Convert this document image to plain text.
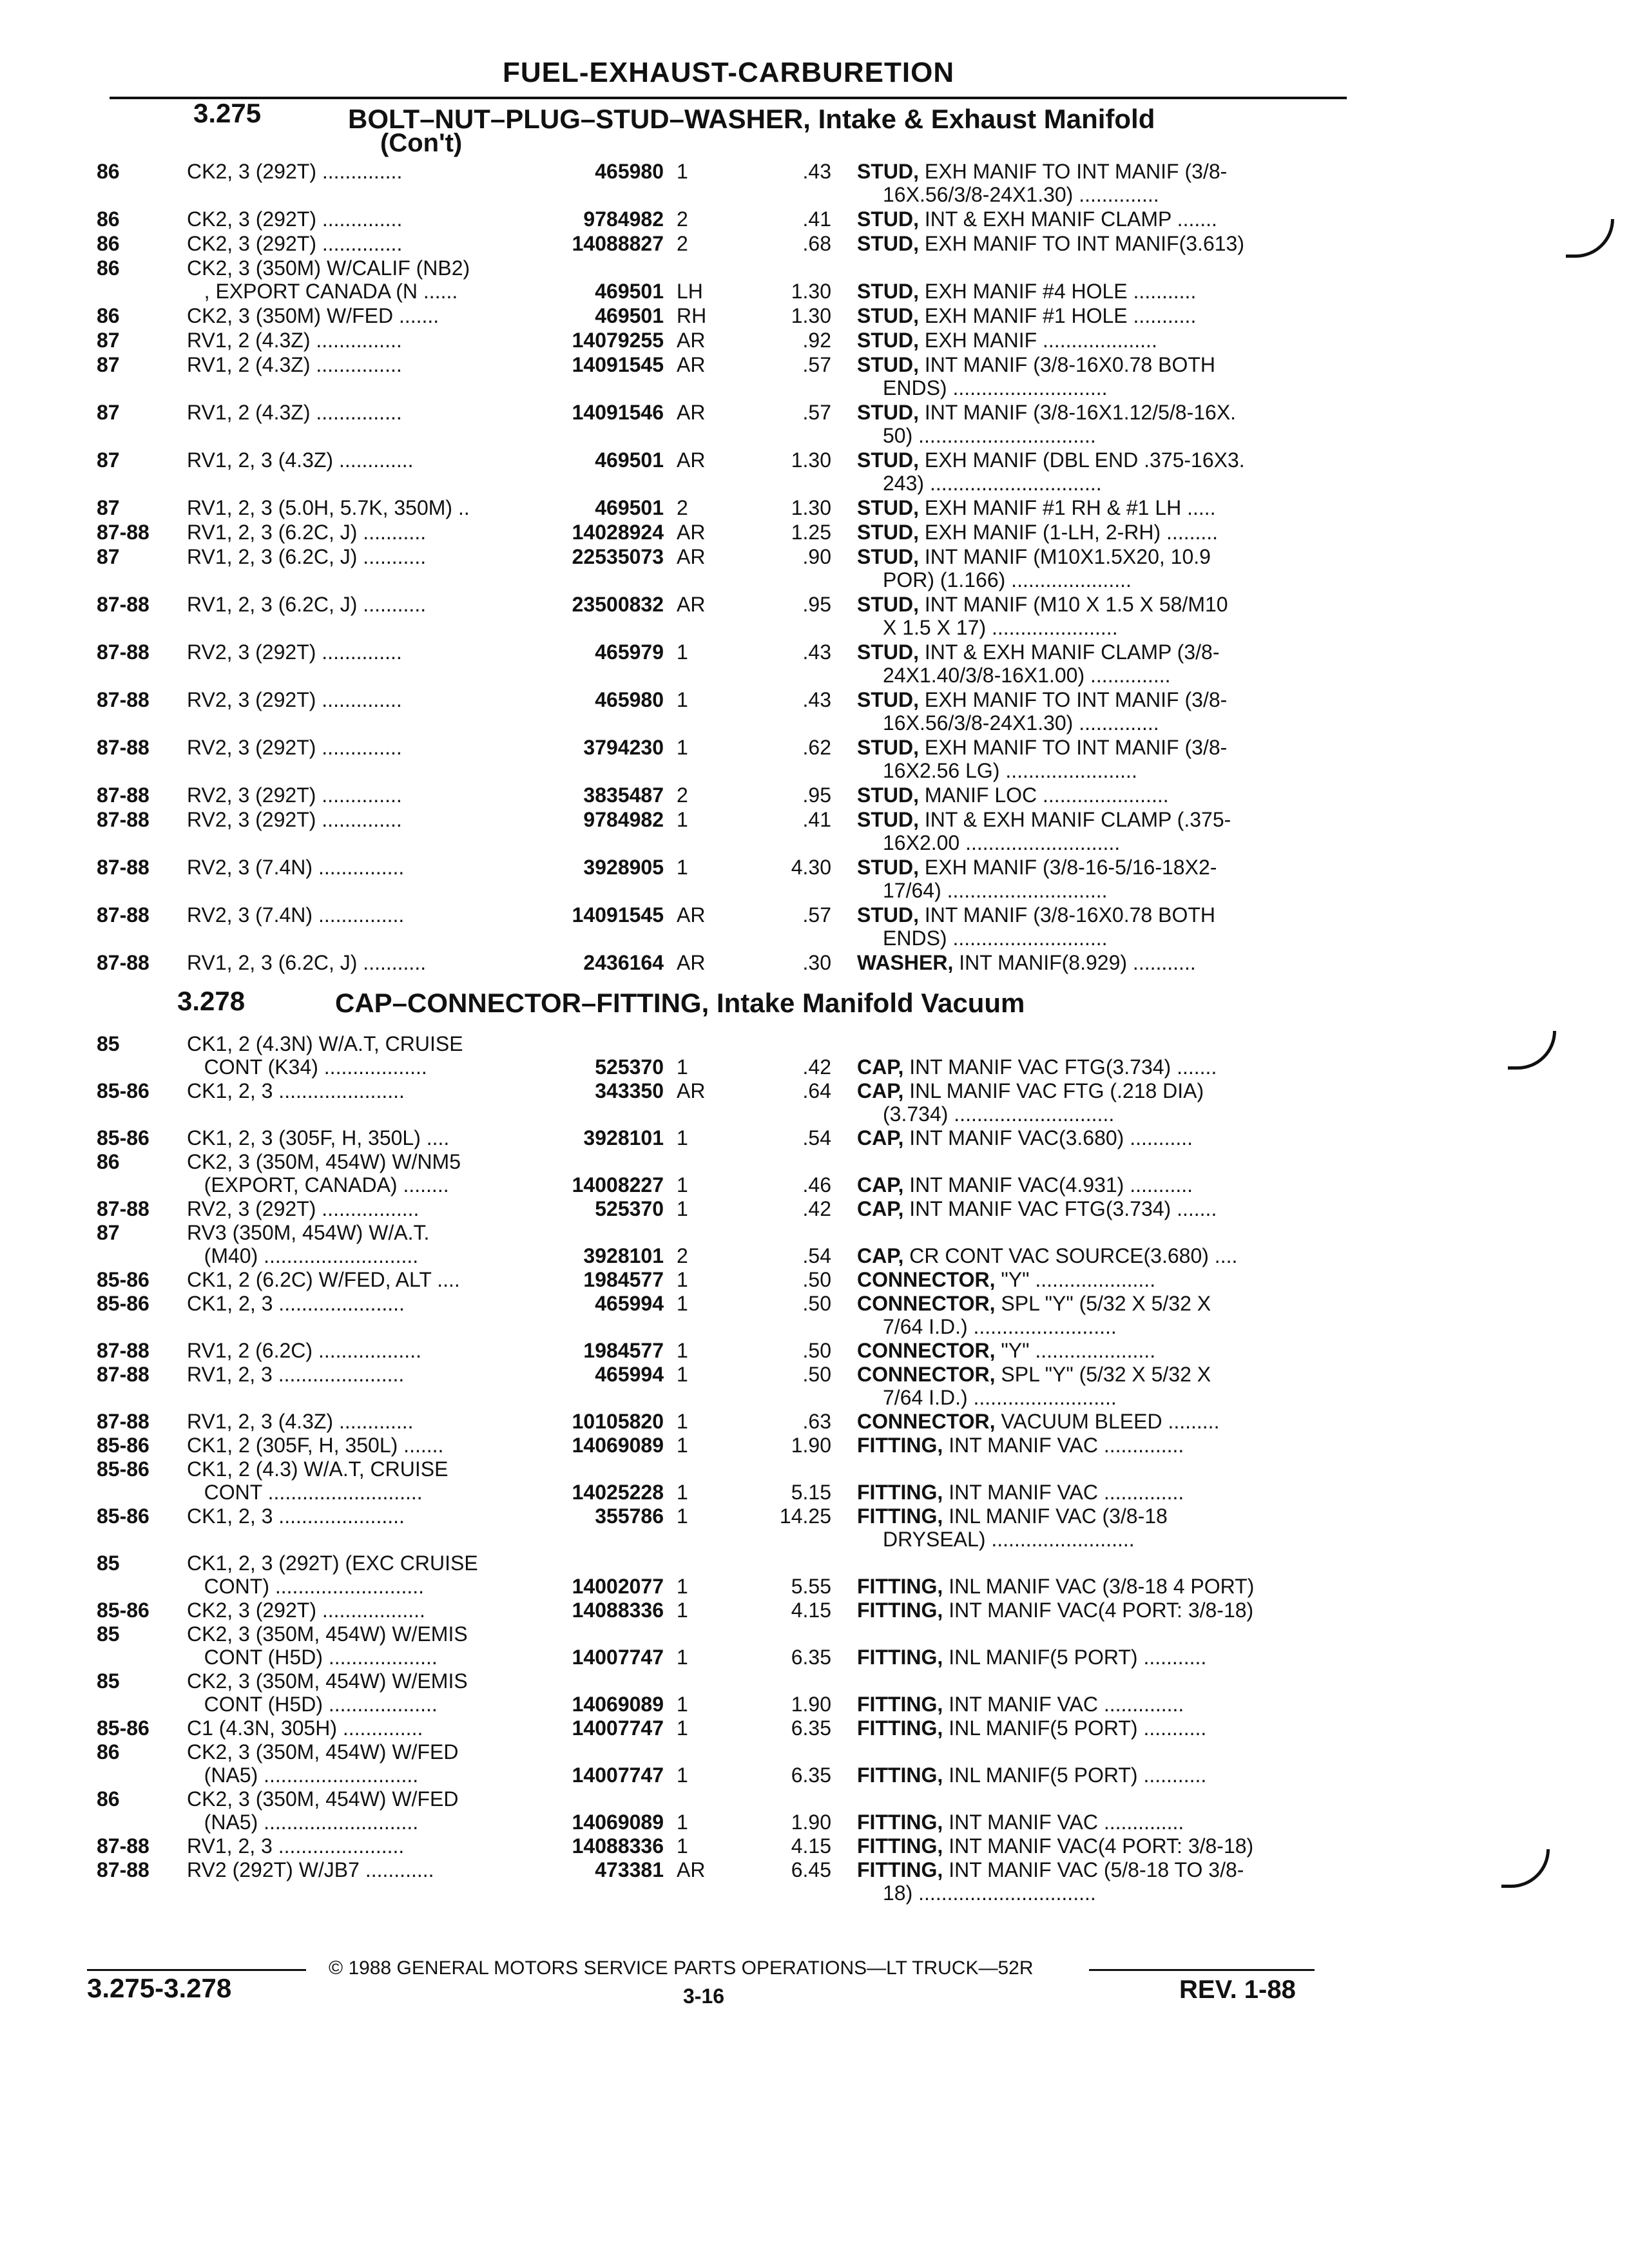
FUEL-EXHAUST-CARBURETION
3.275	BOLT–NUT–PLUG–STUD–WASHER, Intake & Exhaust Manifold
(Con't)
86	CK2, 3 (292T) ..............	465980 1	.43 STUD, EXH MANIF TO INT MANIF (3/8-
16X.56/3/8-24X1.30) ..............
86	CK2, 3 (292T) ..............	9784982 2	.41 STUD, INT & EXH MANIF CLAMP .......
86	CK2, 3 (292T) ..............	14088827 2	.68 STUD, EXH MANIF TO INT MANIF(3.613)
86	CK2, 3 (350M) W/CALIF (NB2)
, EXPORT CANADA (N ......	469501 LH	1.30 STUD, EXH MANIF #4 HOLE ...........
86	CK2, 3 (350M) W/FED .......	469501 RH	1.30 STUD, EXH MANIF #1 HOLE ...........
87	RV1, 2 (4.3Z) ...............	14079255 AR	.92 STUD, EXH MANIF ....................
87	RV1, 2 (4.3Z) ...............	14091545 AR	.57 STUD, INT MANIF (3/8-16X0.78 BOTH
ENDS) ...........................
87	RV1, 2 (4.3Z) ...............	14091546 AR	.57 STUD, INT MANIF (3/8-16X1.12/5/8-16X.
50) ...............................
87	RV1, 2, 3 (4.3Z) .............	469501 AR	1.30 STUD, EXH MANIF (DBL END .375-16X3.
243) ..............................
87	RV1, 2, 3 (5.0H, 5.7K, 350M) ..	469501 2	1.30 STUD, EXH MANIF #1 RH & #1 LH .....
87-88	RV1, 2, 3 (6.2C, J) ...........	14028924 AR	1.25 STUD, EXH MANIF (1-LH, 2-RH) .........
87	RV1, 2, 3 (6.2C, J) ...........	22535073 AR	.90 STUD, INT MANIF (M10X1.5X20, 10.9
POR) (1.166) .....................
87-88	RV1, 2, 3 (6.2C, J) ...........	23500832 AR	.95 STUD, INT MANIF (M10 X 1.5 X 58/M10
X 1.5 X 17) ......................
87-88	RV2, 3 (292T) ..............	465979 1	.43 STUD, INT & EXH MANIF CLAMP (3/8-
24X1.40/3/8-16X1.00) ..............
87-88	RV2, 3 (292T) ..............	465980 1	.43 STUD, EXH MANIF TO INT MANIF (3/8-
16X.56/3/8-24X1.30) ..............
87-88	RV2, 3 (292T) ..............	3794230 1	.62 STUD, EXH MANIF TO INT MANIF (3/8-
16X2.56 LG) .......................
87-88	RV2, 3 (292T) ..............	3835487 2	.95 STUD, MANIF LOC ......................
87-88	RV2, 3 (292T) ..............	9784982 1	.41 STUD, INT & EXH MANIF CLAMP (.375-
16X2.00 ...........................
87-88	RV2, 3 (7.4N) ...............	3928905 1	4.30 STUD, EXH MANIF (3/8-16-5/16-18X2-
17/64) ............................
87-88	RV2, 3 (7.4N) ...............	14091545 AR	.57 STUD, INT MANIF (3/8-16X0.78 BOTH
ENDS) ...........................
87-88	RV1, 2, 3 (6.2C, J) ...........	2436164 AR	.30 WASHER, INT MANIF(8.929) ...........
3.278	CAP–CONNECTOR–FITTING, Intake Manifold Vacuum
85	CK1, 2 (4.3N) W/A.T, CRUISE
CONT (K34) ..................	525370 1	.42 CAP, INT MANIF VAC FTG(3.734) .......
85-86	CK1, 2, 3 ......................	343350 AR	.64 CAP, INL MANIF VAC FTG (.218 DIA)
(3.734) ............................
85-86	CK1, 2, 3 (305F, H, 350L) ....	3928101 1	.54 CAP, INT MANIF VAC(3.680) ...........
86	CK2, 3 (350M, 454W) W/NM5
(EXPORT, CANADA) ........	14008227 1	.46 CAP, INT MANIF VAC(4.931) ...........
87-88	RV2, 3 (292T) .................	525370 1	.42 CAP, INT MANIF VAC FTG(3.734) .......
87	RV3 (350M, 454W) W/A.T.
(M40) ...........................	3928101 2	.54 CAP, CR CONT VAC SOURCE(3.680) ....
85-86	CK1, 2 (6.2C) W/FED, ALT ....	1984577 1	.50 CONNECTOR, "Y" .....................
85-86	CK1, 2, 3 ......................	465994 1	.50 CONNECTOR, SPL "Y" (5/32 X 5/32 X
7/64 I.D.) .........................
87-88	RV1, 2 (6.2C) ..................	1984577 1	.50 CONNECTOR, "Y" .....................
87-88	RV1, 2, 3 ......................	465994 1	.50 CONNECTOR, SPL "Y" (5/32 X 5/32 X
7/64 I.D.) .........................
87-88	RV1, 2, 3 (4.3Z) .............	10105820 1	.63 CONNECTOR, VACUUM BLEED .........
85-86	CK1, 2 (305F, H, 350L) .......	14069089 1	1.90 FITTING, INT MANIF VAC ..............
85-86	CK1, 2 (4.3) W/A.T, CRUISE
CONT ...........................	14025228 1	5.15 FITTING, INT MANIF VAC ..............
85-86	CK1, 2, 3 ......................	355786 1	14.25 FITTING, INL MANIF VAC (3/8-18
DRYSEAL) .........................
85	CK1, 2, 3 (292T) (EXC CRUISE
CONT) ..........................	14002077 1	5.55 FITTING, INL MANIF VAC (3/8-18 4 PORT)
85-86	CK2, 3 (292T) ..................	14088336 1	4.15 FITTING, INT MANIF VAC(4 PORT: 3/8-18)
85	CK2, 3 (350M, 454W) W/EMIS
CONT (H5D) ...................	14007747 1	6.35 FITTING, INL MANIF(5 PORT) ...........
85	CK2, 3 (350M, 454W) W/EMIS
CONT (H5D) ...................	14069089 1	1.90 FITTING, INT MANIF VAC ..............
85-86	C1 (4.3N, 305H) ..............	14007747 1	6.35 FITTING, INL MANIF(5 PORT) ...........
86	CK2, 3 (350M, 454W) W/FED
(NA5) ...........................	14007747 1	6.35 FITTING, INL MANIF(5 PORT) ...........
86	CK2, 3 (350M, 454W) W/FED
(NA5) ...........................	14069089 1	1.90 FITTING, INT MANIF VAC ..............
87-88	RV1, 2, 3 ......................	14088336 1	4.15 FITTING, INT MANIF VAC(4 PORT: 3/8-18)
87-88	RV2 (292T) W/JB7 ............	473381 AR	6.45 FITTING, INT MANIF VAC (5/8-18 TO 3/8-
18) ...............................
3.275-3.278
© 1988 GENERAL MOTORS SERVICE PARTS OPERATIONS—LT TRUCK—52R
3-16	REV. 1-88
